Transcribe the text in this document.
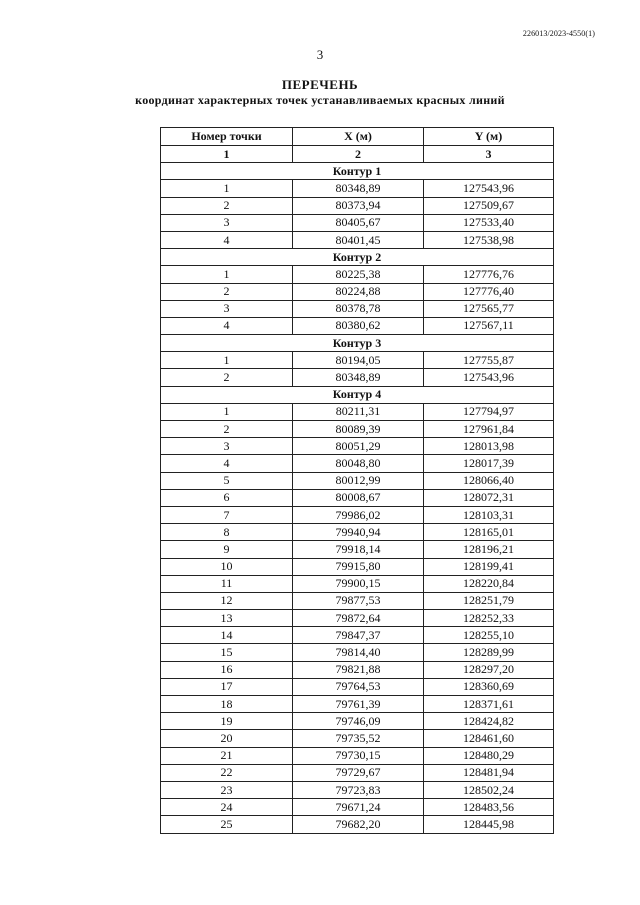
226013/2023-4550(1)
3
ПЕРЕЧЕНЬ
координат характерных точек устанавливаемых красных линий
Номер точки	X (м)	Y (м)
1	2	3
Контур 1		
1	80348,89	127543,96
2	80373,94	127509,67
3	80405,67	127533,40
4	80401,45	127538,98
Контур 2		
1	80225,38	127776,76
2	80224,88	127776,40
3	80378,78	127565,77
4	80380,62	127567,11
Контур 3		
1	80194,05	127755,87
2	80348,89	127543,96
Контур 4		
1	80211,31	127794,97
2	80089,39	127961,84
3	80051,29	128013,98
4	80048,80	128017,39
5	80012,99	128066,40
6	80008,67	128072,31
7	79986,02	128103,31
8	79940,94	128165,01
9	79918,14	128196,21
10	79915,80	128199,41
11	79900,15	128220,84
12	79877,53	128251,79
13	79872,64	128252,33
14	79847,37	128255,10
15	79814,40	128289,99
16	79821,88	128297,20
17	79764,53	128360,69
18	79761,39	128371,61
19	79746,09	128424,82
20	79735,52	128461,60
21	79730,15	128480,29
22	79729,67	128481,94
23	79723,83	128502,24
24	79671,24	128483,56
25	79682,20	128445,98
